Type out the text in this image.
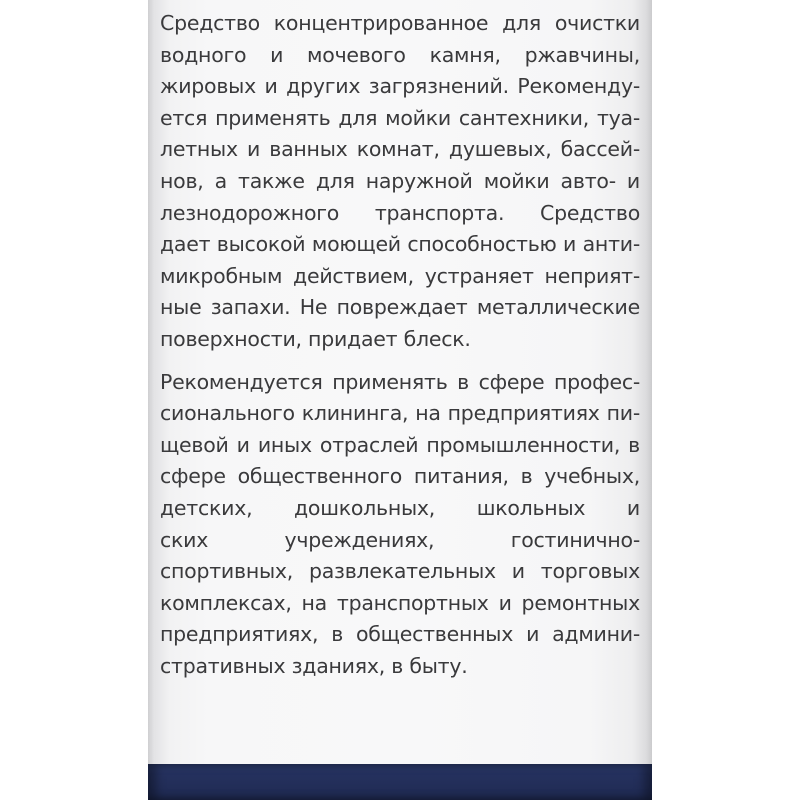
Средство концентрированное для очистки
водного и мочевого камня, ржавчины,
жировых и других загрязнений. Рекоменду-
ется применять для мойки сантехники, туа-
летных и ванных комнат, душевых, бассей-
нов, а также для наружной мойки авто- и
лезнодорожного транспорта. Средство
дает высокой моющей способностью и анти-
микробным действием, устраняет неприят-
ные запахи. Не повреждает металлические
поверхности, придает блеск.

Рекомендуется применять в сфере профес-
сионального клининга, на предприятиях пи-
щевой и иных отраслей промышленности, в
сфере общественного питания, в учебных,
детских, дошкольных, школьных и
ских учреждениях, гостинично-
спортивных, развлекательных и торговых
комплексах, на транспортных и ремонтных
предприятиях, в общественных и админи-
стративных зданиях, в быту.
